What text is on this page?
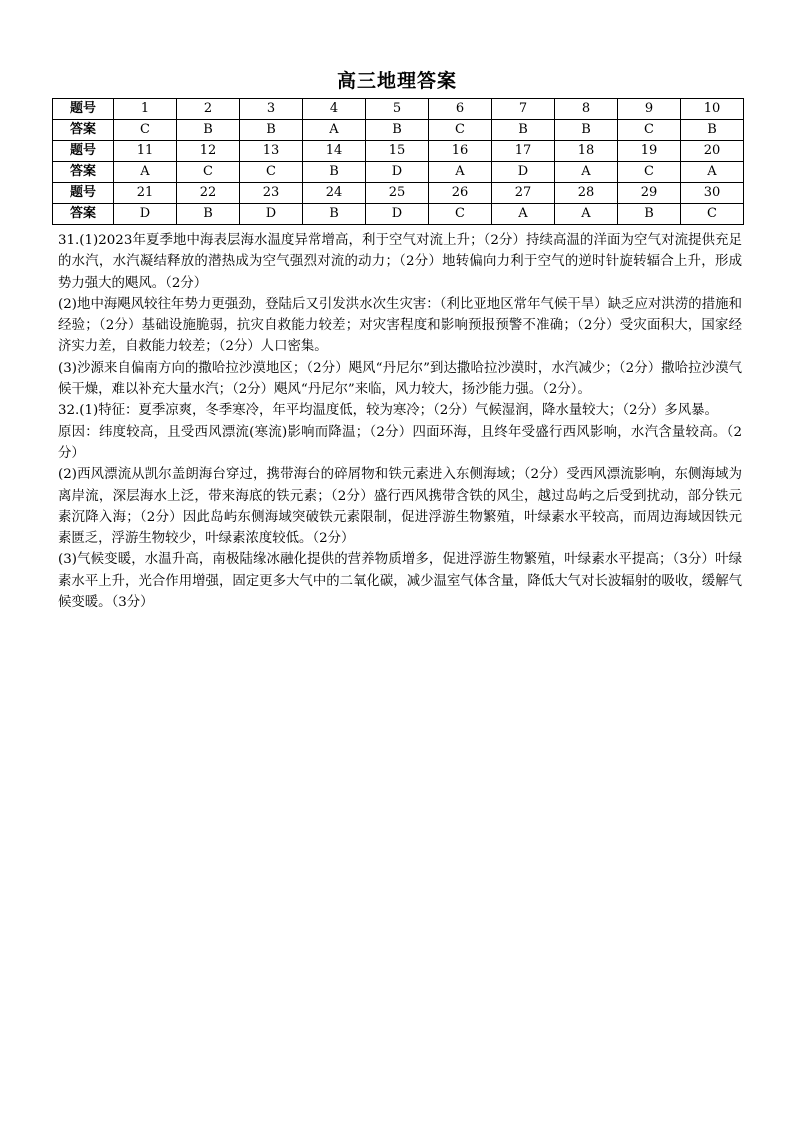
高三地理答案
题号	1	2	3	4	5	6	7	8	9	10
答案	C	B	B	A	B	C	B	B	C	B
题号	11	12	13	14	15	16	17	18	19	20
答案	A	C	C	B	D	A	D	A	C	A
题号	21	22	23	24	25	26	27	28	29	30
答案	D	B	D	B	D	C	A	A	B	C

31.(1)2023年夏季地中海表层海水温度异常增高，利于空气对流上升；（2分）持续高温的洋面为空气对流提供充足的水汽，水汽凝结释放的潜热成为空气强烈对流的动力；（2分）地转偏向力利于空气的逆时针旋转辐合上升，形成势力强大的飓风。（2分）

(2)地中海飓风较往年势力更强劲，登陆后又引发洪水次生灾害：（利比亚地区常年气候干旱）缺乏应对洪涝的措施和经验；（2分）基础设施脆弱，抗灾自救能力较差；对灾害程度和影响预报预警不准确；（2分）受灾面积大，国家经济实力差，自救能力较差；（2分）人口密集。

(3)沙源来自偏南方向的撒哈拉沙漠地区；（2分）飓风“丹尼尔”到达撒哈拉沙漠时，水汽减少；（2分）撒哈拉沙漠气候干燥，难以补充大量水汽；（2分）飓风“丹尼尔”来临，风力较大，扬沙能力强。（2分）。

32.(1)特征：夏季凉爽，冬季寒冷，年平均温度低，较为寒冷；（2分）气候湿润，降水量较大；（2分）多风暴。

原因：纬度较高，且受西风漂流(寒流)影响而降温；（2分）四面环海，且终年受盛行西风影响，水汽含量较高。（2分）

(2)西风漂流从凯尔盖朗海台穿过，携带海台的碎屑物和铁元素进入东侧海域；（2分）受西风漂流影响，东侧海域为离岸流，深层海水上泛，带来海底的铁元素；（2分）盛行西风携带含铁的风尘，越过岛屿之后受到扰动，部分铁元素沉降入海；（2分）因此岛屿东侧海域突破铁元素限制，促进浮游生物繁殖，叶绿素水平较高，而周边海域因铁元素匮乏，浮游生物较少，叶绿素浓度较低。（2分）

(3)气候变暖，水温升高，南极陆缘冰融化提供的营养物质增多，促进浮游生物繁殖，叶绿素水平提高；（3分）叶绿素水平上升，光合作用增强，固定更多大气中的二氧化碳，减少温室气体含量，降低大气对长波辐射的吸收，缓解气候变暖。（3分）
